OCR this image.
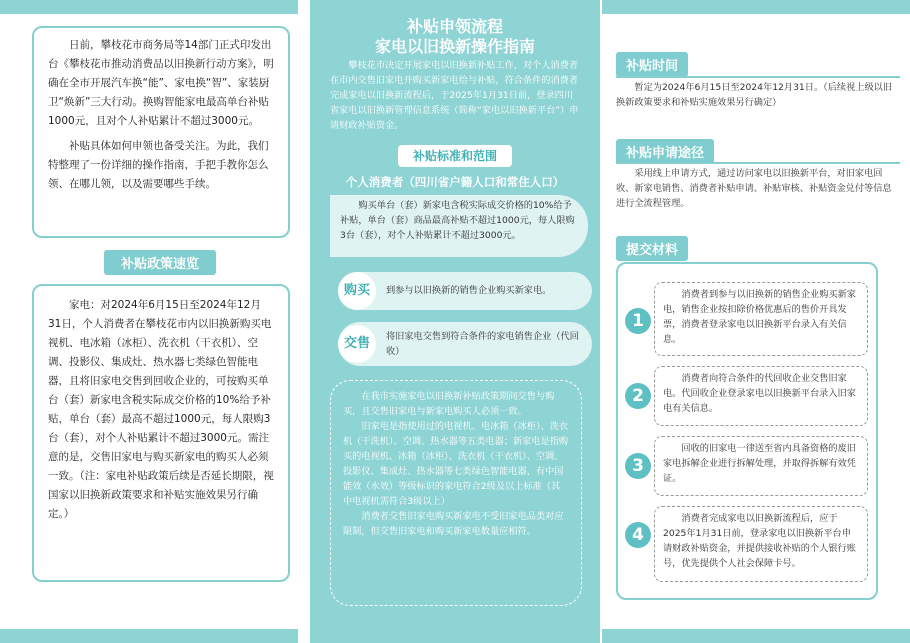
日前，攀枝花市商务局等14部门正式印发出台《攀枝花市推动消费品以旧换新行动方案》，明确在全市开展汽车换“能”、家电换“智”、家装厨卫“焕新”三大行动。换购智能家电最高单台补贴1000元，且对个人补贴累计不超过3000元。

补贴具体如何申领也备受关注。为此，我们特整理了一份详细的操作指南，手把手教你怎么领、在哪儿领，以及需要哪些手续。

补贴政策速览

家电：对2024年6月15日至2024年12月31日，个人消费者在攀枝花市内以旧换新购买电视机、电冰箱（冰柜）、洗衣机（干衣机）、空调、投影仪、集成灶、热水器七类绿色智能电器，且将旧家电交售到回收企业的，可按购买单台（套）新家电含税实际成交价格的10%给予补贴，单台（套）最高不超过1000元，每人限购3台（套），对个人补贴累计不超过3000元。需注意的是，交售旧家电与购买新家电的购买人必须一致。（注：家电补贴政策后续是否延长期限，视国家以旧换新政策要求和补贴实施效果另行确定。）

补贴申领流程
家电以旧换新操作指南

攀枝花市决定开展家电以旧换新补贴工作，对个人消费者在市内交售旧家电并购买新家电给与补贴，符合条件的消费者完成家电以旧换新流程后，于2025年1月31日前，登录四川省家电以旧换新管理信息系统（简称“家电以旧换新平台”）申请财政补贴资金。

补贴标准和范围
个人消费者（四川省户籍人口和常住人口）

购买单台（套）新家电含税实际成交价格的10%给予补贴，单台（套）商品最高补贴不超过1000元，每人限购3台（套），对个人补贴累计不超过3000元。

购买	到参与以旧换新的销售企业购买新家电。
交售	将旧家电交售到符合条件的家电销售企业（代回收）

在我市实施家电以旧换新补贴政策期间交售与购买，且交售旧家电与新家电购买人必须一致。

旧家电是指使用过的电视机、电冰箱（冰柜）、洗衣机（干洗机）、空调、热水器等五类电器；新家电是指购买的电视机、冰箱（冰柜）、洗衣机（干衣机）、空调、投影仪、集成灶、热水器等七类绿色智能电器，有中国能效（水效）等级标识的家电符合2级及以上标准（其中电视机需符合3级以上）

消费者交售旧家电购买新家电不受旧家电品类对应限制，但交售旧家电和购买新家电数量应相符。

补贴时间
暂定为2024年6月15日至2024年12月31日。（后续视上级以旧换新政策要求和补贴实施效果另行确定）
补贴申请途径
采用线上申请方式，通过访问家电以旧换新平台，对旧家电回收、新家电销售、消费者补贴申请、补贴审核、补贴资金兑付等信息进行全流程管理。
提交材料
1

消费者到参与以旧换新的销售企业购买新家电，销售企业按扣除价格优惠后的售价开具发票，消费者登录家电以旧换新平台录入有关信息。

2

消费者向符合条件的代回收企业交售旧家电。代回收企业登录家电以旧换新平台录入旧家电有关信息。

3

回收的旧家电一律送至省内具备资格的废旧家电拆解企业进行拆解处理，并取得拆解有效凭证。

4

消费者完成家电以旧换新流程后，应于2025年1月31日前，登录家电以旧换新平台申请财政补贴资金，并提供接收补贴的个人银行账号，优先提供个人社会保障卡号。
